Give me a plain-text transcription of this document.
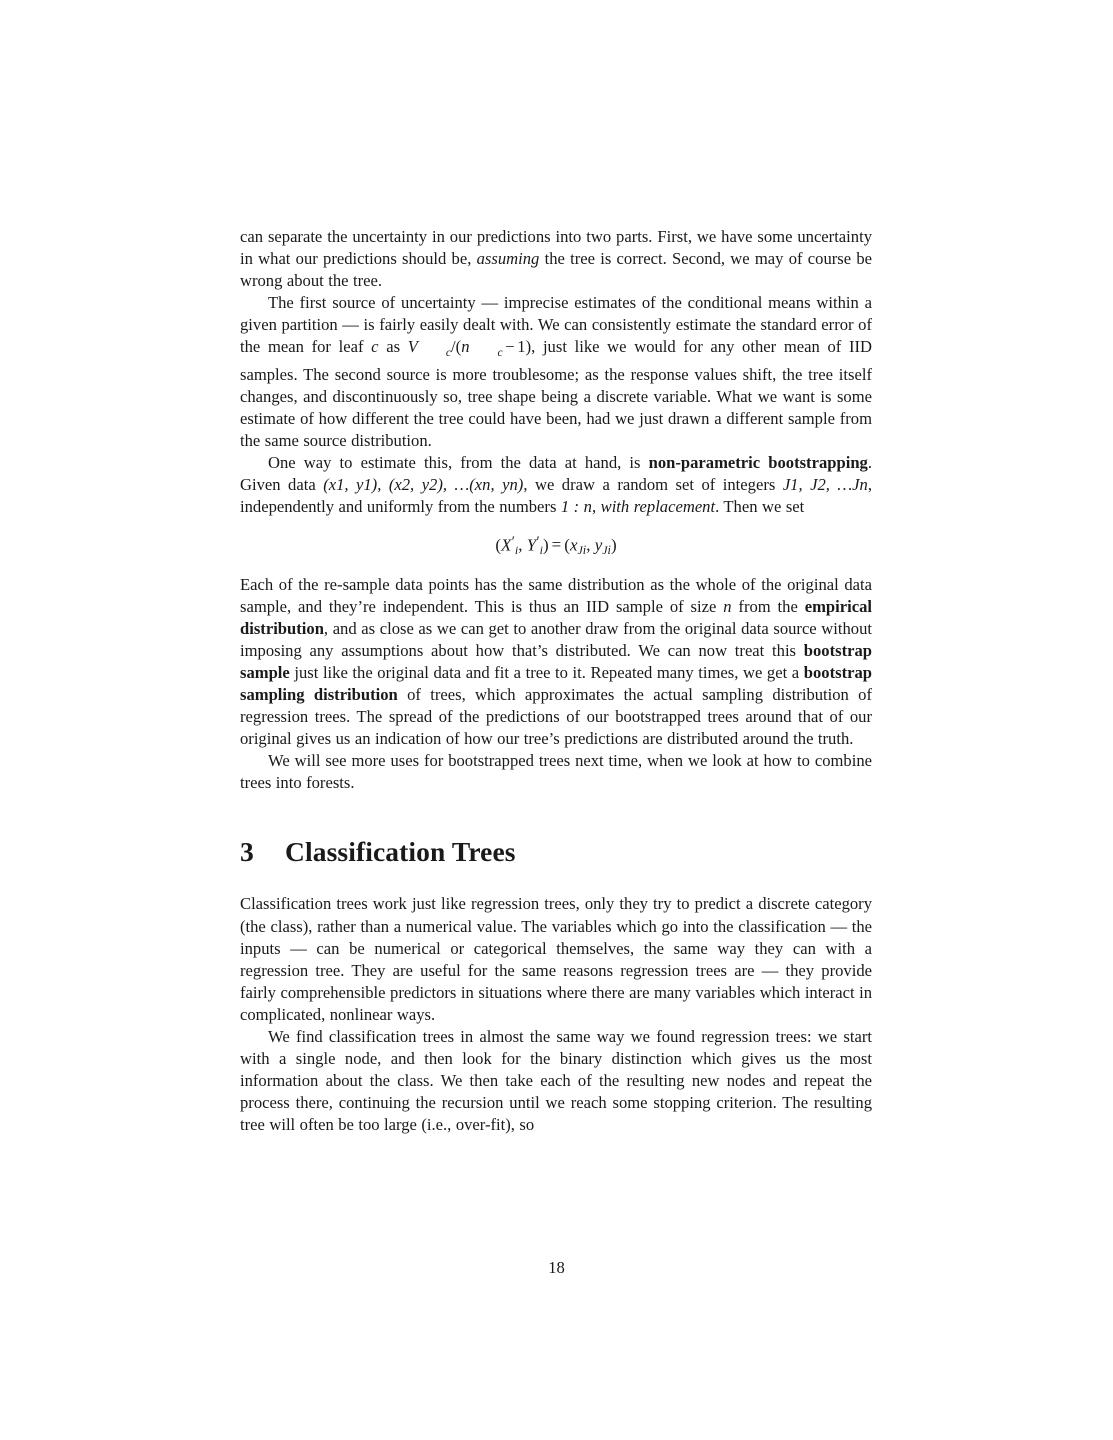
can separate the uncertainty in our predictions into two parts. First, we have some uncertainty in what our predictions should be, assuming the tree is correct. Second, we may of course be wrong about the tree.

The first source of uncertainty — imprecise estimates of the conditional means within a given partition — is fairly easily dealt with. We can consistently estimate the standard error of the mean for leaf c as V c/(n c − 1), just like we would for any other mean of IID samples. The second source is more troublesome; as the response values shift, the tree itself changes, and discontinuously so, tree shape being a discrete variable. What we want is some estimate of how different the tree could have been, had we just drawn a different sample from the same source distribution.

One way to estimate this, from the data at hand, is non-parametric bootstrapping. Given data (x1, y1), (x2, y2), …(xn, yn), we draw a random set of integers J1, J2, …Jn, independently and uniformly from the numbers 1 : n, with replacement. Then we set

(X′i, $Y'i) = (xJ_i$, $yJ_i$)

Each of the re-sample data points has the same distribution as the whole of the original data sample, and they’re independent. This is thus an IID sample of size n from the empirical distribution, and as close as we can get to another draw from the original data source without imposing any assumptions about how that’s distributed. We can now treat this bootstrap sample just like the original data and fit a tree to it. Repeated many times, we get a bootstrap sampling distribution of trees, which approximates the actual sampling distribution of regression trees. The spread of the predictions of our bootstrapped trees around that of our original gives us an indication of how our tree’s predictions are distributed around the truth.

We will see more uses for bootstrapped trees next time, when we look at how to combine trees into forests.

3 Classification Trees

Classification trees work just like regression trees, only they try to predict a discrete category (the class), rather than a numerical value. The variables which go into the classification — the inputs — can be numerical or categorical themselves, the same way they can with a regression tree. They are useful for the same reasons regression trees are — they provide fairly comprehensible predictors in situations where there are many variables which interact in complicated, nonlinear ways.

We find classification trees in almost the same way we found regression trees: we start with a single node, and then look for the binary distinction which gives us the most information about the class. We then take each of the resulting new nodes and repeat the process there, continuing the recursion until we reach some stopping criterion. The resulting tree will often be too large (i.e., over-fit), so

18
